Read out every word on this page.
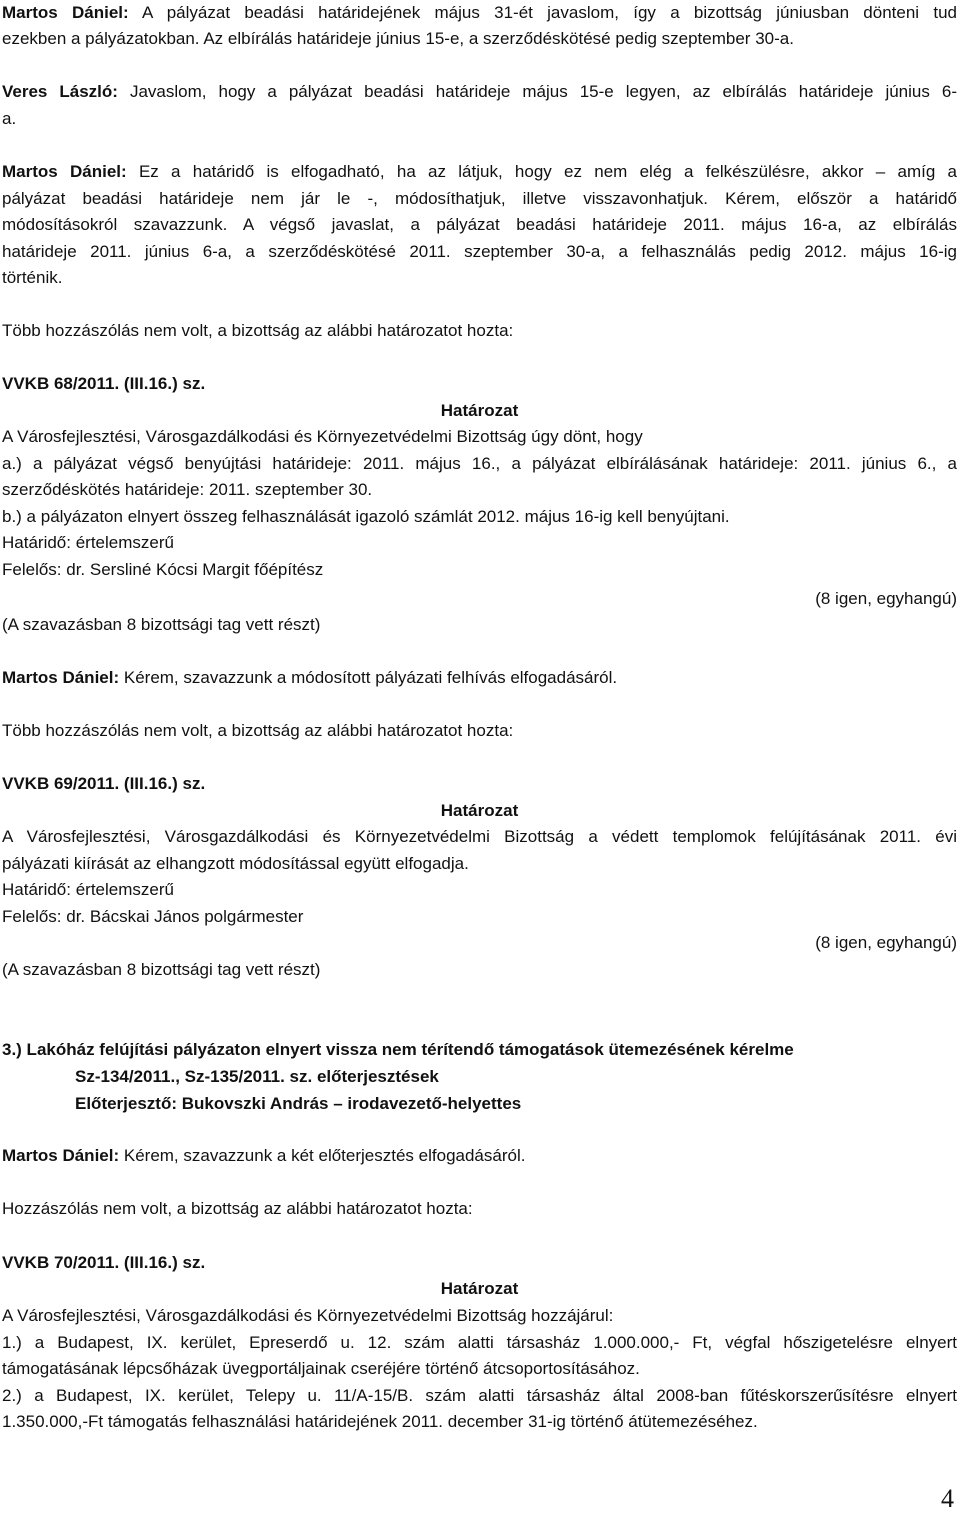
Martos Dániel: A pályázat beadási határidejének május 31-ét javaslom, így a bizottság júniusban dönteni tud
ezekben a pályázatokban. Az elbírálás határideje június 15-e, a szerződéskötésé pedig szeptember 30-a.
Veres László: Javaslom, hogy a pályázat beadási határideje május 15-e legyen, az elbírálás határideje június 6-
a.
Martos Dániel: Ez a határidő is elfogadható, ha az látjuk, hogy ez nem elég a felkészülésre, akkor – amíg a
pályázat beadási határideje nem jár le -, módosíthatjuk, illetve visszavonhatjuk. Kérem, először a határidő
módosításokról szavazzunk. A végső javaslat, a pályázat beadási határideje 2011. május 16-a, az elbírálás
határideje 2011. június 6-a, a szerződéskötésé 2011. szeptember 30-a, a felhasználás pedig 2012. május 16-ig
történik.
Több hozzászólás nem volt, a bizottság az alábbi határozatot hozta:
VVKB 68/2011. (III.16.) sz.
Határozat
A Városfejlesztési, Városgazdálkodási és Környezetvédelmi Bizottság úgy dönt, hogy
a.) a pályázat végső benyújtási határideje: 2011. május 16., a pályázat elbírálásának határideje: 2011. június 6., a
szerződéskötés határideje: 2011. szeptember 30.
b.) a pályázaton elnyert összeg felhasználását igazoló számlát 2012. május 16-ig kell benyújtani.
Határidő: értelemszerű
Felelős: dr. Sersliné Kócsi Margit főépítész
(8 igen, egyhangú)
(A szavazásban 8 bizottsági tag vett részt)
Martos Dániel: Kérem, szavazzunk a módosított pályázati felhívás elfogadásáról.
Több hozzászólás nem volt, a bizottság az alábbi határozatot hozta:
VVKB 69/2011. (III.16.) sz.
Határozat
A Városfejlesztési, Városgazdálkodási és Környezetvédelmi Bizottság a védett templomok felújításának 2011. évi
pályázati kiírását az elhangzott módosítással együtt elfogadja.
Határidő: értelemszerű
Felelős: dr. Bácskai János polgármester
(8 igen, egyhangú)
(A szavazásban 8 bizottsági tag vett részt)
3.) Lakóház felújítási pályázaton elnyert vissza nem térítendő támogatások ütemezésének kérelme
Sz-134/2011., Sz-135/2011. sz. előterjesztések
Előterjesztő: Bukovszki András – irodavezető-helyettes
Martos Dániel: Kérem, szavazzunk a két előterjesztés elfogadásáról.
Hozzászólás nem volt, a bizottság az alábbi határozatot hozta:
VVKB 70/2011. (III.16.) sz.
Határozat
A Városfejlesztési, Városgazdálkodási és Környezetvédelmi Bizottság hozzájárul:
1.) a Budapest, IX. kerület, Epreserdő u. 12. szám alatti társasház 1.000.000,- Ft, végfal hőszigetelésre elnyert
támogatásának lépcsőházak üvegportáljainak cseréjére történő átcsoportosításához.
2.) a Budapest, IX. kerület, Telepy u. 11/A-15/B. szám alatti társasház által 2008-ban fűtéskorszerűsítésre elnyert
1.350.000,-Ft támogatás felhasználási határidejének 2011. december 31-ig történő átütemezéséhez.
4
